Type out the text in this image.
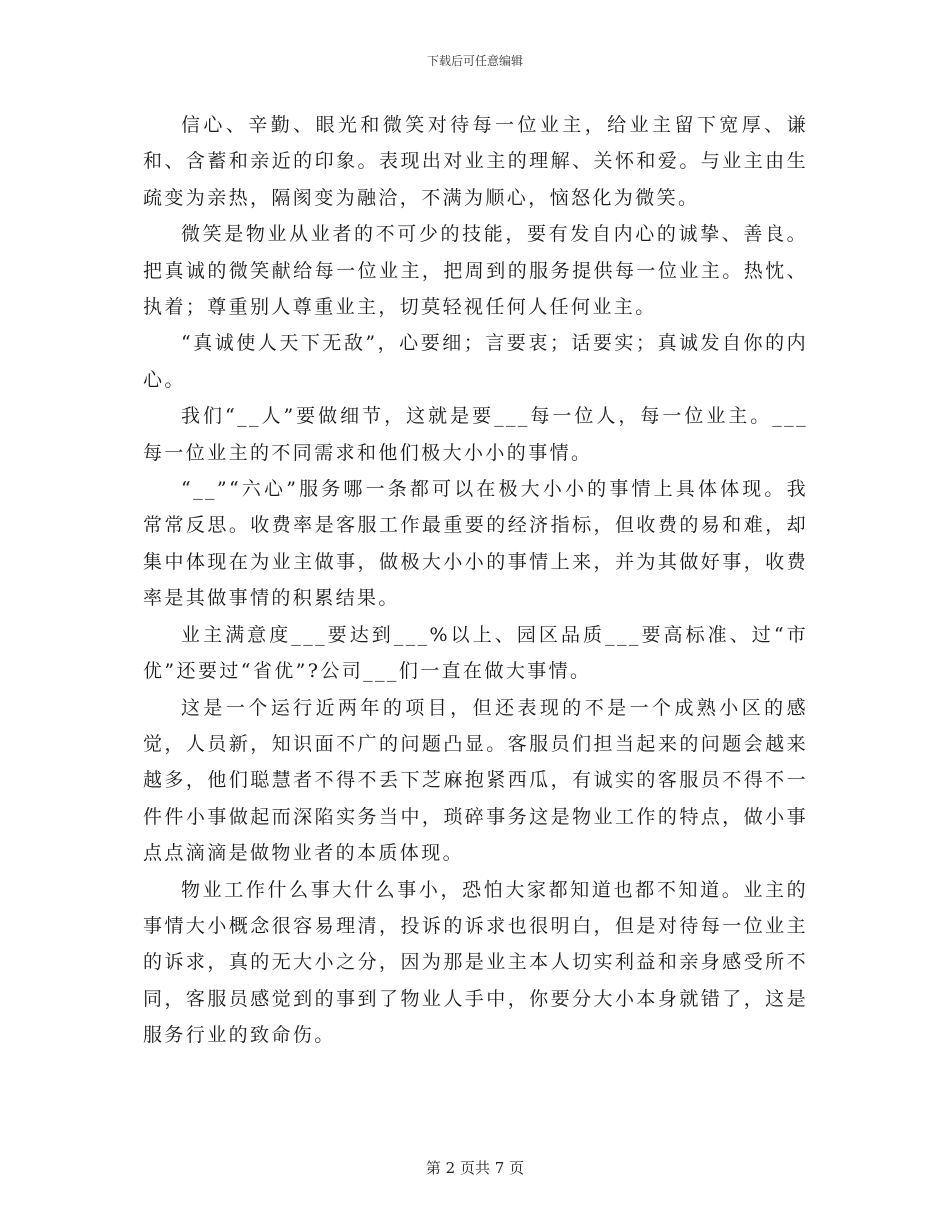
下载后可任意编辑

信心、辛勤、眼光和微笑对待每一位业主，给业主留下宽厚、谦和、含蓄和亲近的印象。表现出对业主的理解、关怀和爱。与业主由生疏变为亲热，隔阂变为融洽，不满为顺心，恼怒化为微笑。

微笑是物业从业者的不可少的技能，要有发自内心的诚挚、善良。把真诚的微笑献给每一位业主，把周到的服务提供每一位业主。热忱、执着；尊重别人尊重业主，切莫轻视任何人任何业主。

“真诚使人天下无敌”，心要细；言要衷；话要实；真诚发自你的内心。

我们“__人”要做细节，这就是要___每一位人，每一位业主。___每一位业主的不同需求和他们极大小小的事情。

“__”“六心”服务哪一条都可以在极大小小的事情上具体体现。我常常反思。收费率是客服工作最重要的经济指标，但收费的易和难，却集中体现在为业主做事，做极大小小的事情上来，并为其做好事，收费率是其做事情的积累结果。

业主满意度___要达到___%以上、园区品质___要高标准、过“市优”还要过“省优”?公司___们一直在做大事情。

这是一个运行近两年的项目，但还表现的不是一个成熟小区的感觉，人员新，知识面不广的问题凸显。客服员们担当起来的问题会越来越多，他们聪慧者不得不丢下芝麻抱紧西瓜，有诚实的客服员不得不一件件小事做起而深陷实务当中，琐碎事务这是物业工作的特点，做小事点点滴滴是做物业者的本质体现。

物业工作什么事大什么事小，恐怕大家都知道也都不知道。业主的事情大小概念很容易理清，投诉的诉求也很明白，但是对待每一位业主的诉求，真的无大小之分，因为那是业主本人切实利益和亲身感受所不同，客服员感觉到的事到了物业人手中，你要分大小本身就错了，这是服务行业的致命伤。

第 2 页共 7 页
